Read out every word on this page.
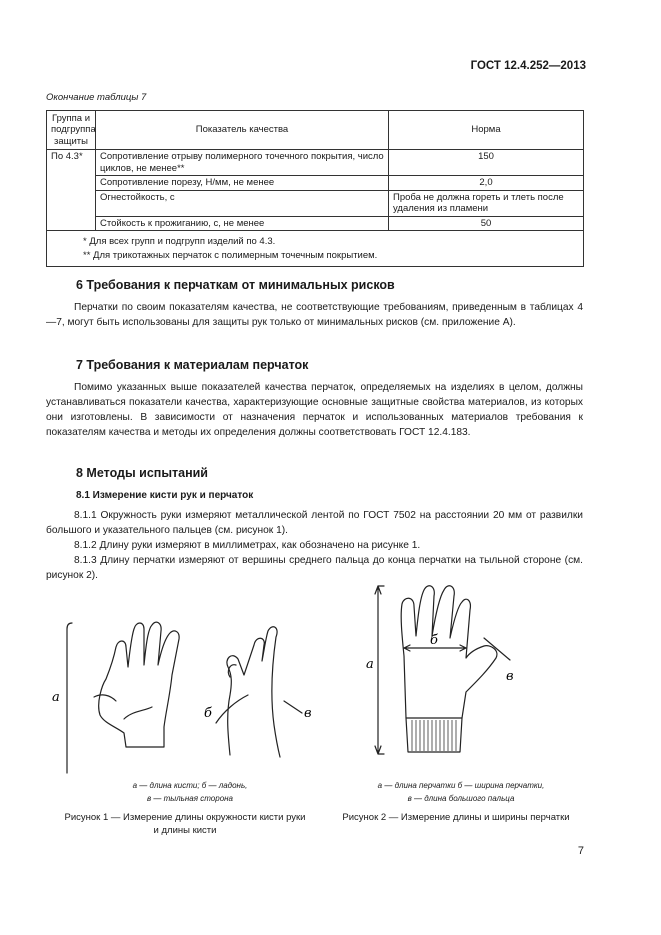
ГОСТ 12.4.252—2013
Окончание таблицы 7
Группа и подгруппа защиты	Показатель качества	Норма
По 4.3*	Сопротивление отрыву полимерного точечного покрытия, число циклов, не менее**	150
	Сопротивление порезу, Н/мм, не менее	2,0
	Огнестойкость, с	Проба не должна гореть и тлеть после удаления из пламени
	Стойкость к прожиганию, с, не менее	50

* Для всех групп и подгрупп изделий по 4.3.
** Для трикотажных перчаток с полимерным точечным покрытием.		
6 Требования к перчаткам от минимальных рисков

Перчатки по своим показателям качества, не соответствующие требованиям, приведенным в таблицах 4—7, могут быть использованы для защиты рук только от минимальных рисков (см. приложение А).

7 Требования к материалам перчаток

Помимо указанных выше показателей качества перчаток, определяемых на изделиях в целом, должны устанавливаться показатели качества, характеризующие основные защитные свойства материалов, из которых они изготовлены. В зависимости от назначения перчаток и использованных материалов требования к показателям качества и методы их определения должны соответствовать ГОСТ 12.4.183.

8 Методы испытаний
8.1 Измерение кисти рук и перчаток

8.1.1 Окружность руки измеряют металлической лентой по ГОСТ 7502 на расстоянии 20 мм от развилки большого и указательного пальцев (см. рисунок 1).

8.1.2 Длину руки измеряют в миллиметрах, как обозначено на рисунке 1.

8.1.3 Длину перчатки измеряют от вершины среднего пальца до конца перчатки на тыльной стороне (см. рисунок 2).

а
б	в
а — длина кисти; б — ладонь,
в — тыльная сторона
Рисунок 1 — Измерение длины окружности кисти руки
и длины кисти
а
б
в
а — длина перчатки б — ширина перчатки,
в — длина большого пальца
Рисунок 2 — Измерение длины и ширины перчатки
7
